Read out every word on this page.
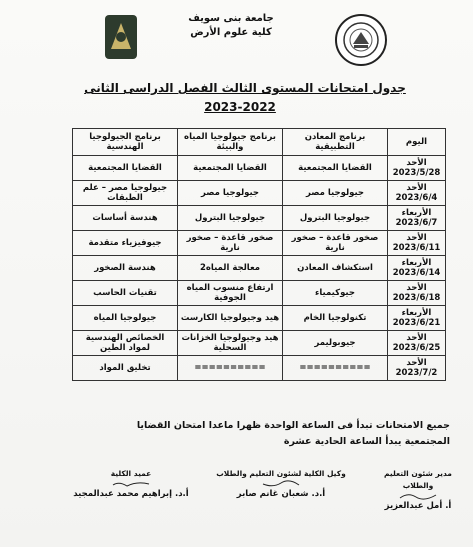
جامعة بنى سويف
كلية علوم الأرض
جدول امتحانات المستوى الثالث الفصل الدراسى الثانى
2023-2022
اليوم	برنامج المعادن التطبيقية	برنامج جيولوجيا المياه والبيئة	برنامج الجيولوجيا الهندسية
الأحد
2023/5/28	القضايا المجتمعية	القضايا المجتمعية	القضايا المجتمعية
الأحد
2023/6/4	جيولوجيا مصر	جيولوجيا مصر	جيولوجيا مصر – علم الطبقات
الأربعاء
2023/6/7	جيولوجيا البترول	جيولوجيا البترول	هندسة أساسات
الأحد
2023/6/11	صخور قاعدة – صخور نارية	صخور قاعدة – صخور نارية	جيوفيزياء متقدمة
الأربعاء
2023/6/14	استكشاف المعادن	معالجة المياه2	هندسة الصخور
الأحد
2023/6/18	جيوكيمياء	ارتفاع منسوب المياه الجوفية	تقنيات الحاسب
الأربعاء
2023/6/21	تكنولوجيا الخام	هيد وجيولوجيا الكارست	جيولوجيا المياه
الأحد
2023/6/25	جيوبوليمر	هيد وجيولوجيا الخزانات السحلية	الخصائص الهندسية لمواد الطين
الأحد
2023/7/2	==========	==========	تخليق المواد
جميع الامتحانات تبدأ فى الساعة الواحدة ظهرا ماعدا امتحان القضايا
المجتمعية يبدأ الساعة الحادية عشرة
مدير شئون التعليم والطلاب
أ. أمل عبدالعزيز
وكيل الكلية لشئون التعليم والطلاب
أ.د. شعبان غانم صابر
عميد الكلية
أ.د. إبراهيم محمد عبدالمجيد
